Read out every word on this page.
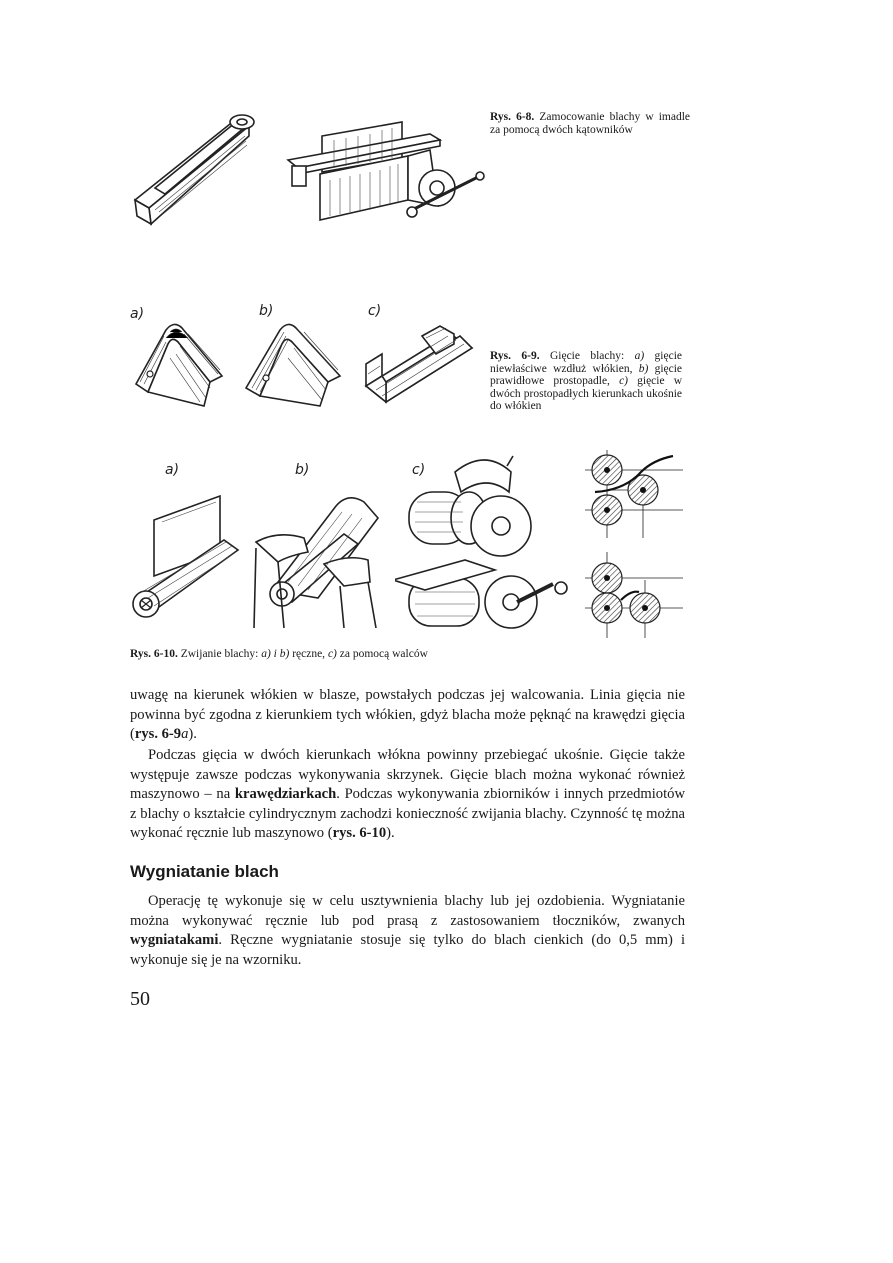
Rys. 6-8. Zamocowanie blachy w imadle za pomocą dwóch kątowników
a)	b)	c)
Rys. 6-9. Gięcie blachy: a) gięcie niewłaściwe wzdłuż włókien, b) gięcie prawidłowe prostopadle, c) gięcie w dwóch prostopadłych kierunkach ukośnie do włókien
a)	b)	c)
Rys. 6-10. Zwijanie blachy: a) i b) ręczne, c) za pomocą walców

uwagę na kierunek włókien w blasze, powstałych podczas jej walcowania. Linia gięcia nie powinna być zgodna z kierunkiem tych włókien, gdyż blacha może pęknąć na krawędzi gięcia (rys. 6-9a).

Podczas gięcia w dwóch kierunkach włókna powinny przebiegać ukośnie. Gięcie także występuje zawsze podczas wykonywania skrzynek. Gięcie blach można wykonać również maszynowo – na krawędziarkach. Podczas wykonywania zbiorników i innych przedmiotów z blachy o kształcie cylindrycznym zachodzi konieczność zwijania blachy. Czynność tę można wykonać ręcznie lub maszynowo (rys. 6-10).

Wygniatanie blach

Operację tę wykonuje się w celu usztywnienia blachy lub jej ozdobienia. Wygniatanie można wykonywać ręcznie lub pod prasą z zastosowaniem tłoczników, zwanych wygniatakami. Ręczne wygniatanie stosuje się tylko do blach cienkich (do 0,5 mm) i wykonuje się je na wzorniku.

50
